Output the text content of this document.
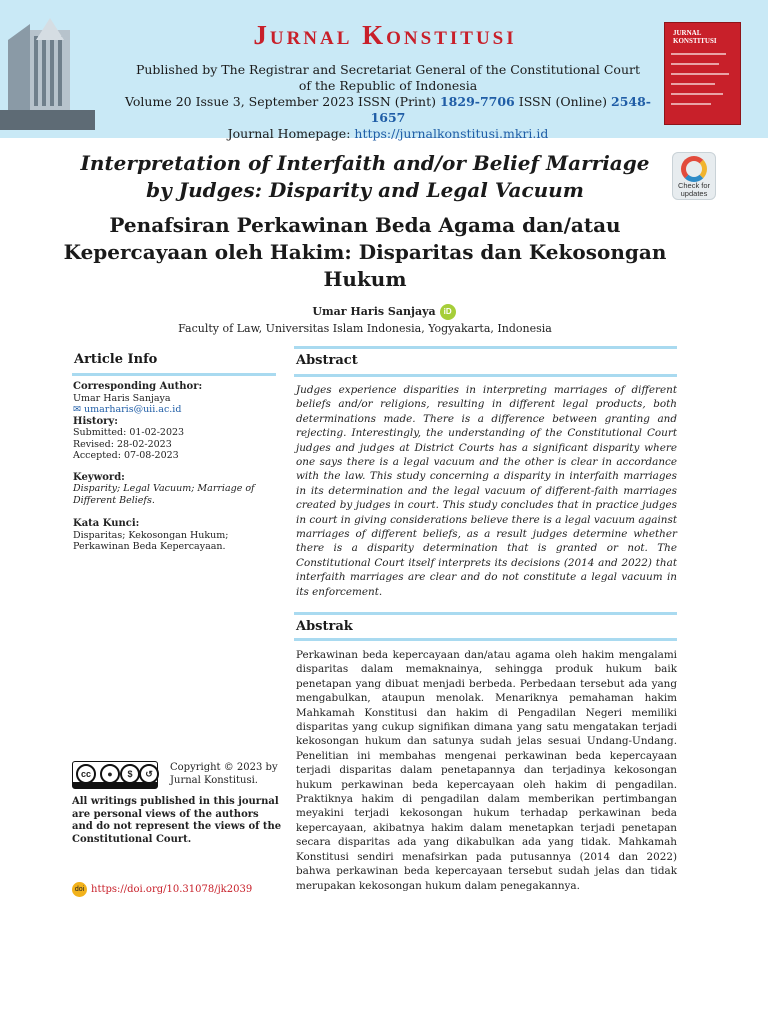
Jurnal Konstitusi
Published by The Registrar and Secretariat General of the Constitutional Court
of the Republic of Indonesia
Volume 20 Issue 3, September 2023 ISSN (Print) 1829-7706 ISSN (Online) 2548-1657
Journal Homepage: https://jurnalkonstitusi.mkri.id
JURNAL
KONSTITUSI
Interpretation of Interfaith and/or Belief Marriage by Judges: Disparity and Legal Vacuum	Check for
updates
Penafsiran Perkawinan Beda Agama dan/atau Kepercayaan oleh Hakim: Disparitas dan Kekosongan Hukum
Umar Haris Sanjaya iD
Faculty of Law, Universitas Islam Indonesia, Yogyakarta, Indonesia
Article Info
Corresponding Author:
Umar Haris Sanjaya
✉ umarharis@uii.ac.id
History:
Submitted: 01-02-2023
Revised: 28-02-2023
Accepted: 07-08-2023
Keyword:
Disparity; Legal Vacuum; Marriage of Different Beliefs.
Kata Kunci:
Disparitas; Kekosongan Hukum; Perkawinan Beda Kepercayaan.
cc	●	$	↺
Copyright © 2023 by Jurnal Konstitusi.
All writings published in this journal are personal views of the authors and do not represent the views of the Constitutional Court.
doi https://doi.org/10.31078/jk2039
Abstract
Judges experience disparities in interpreting marriages of different beliefs and/or religions, resulting in different legal products, both determinations made. There is a difference between granting and rejecting. Interestingly, the understanding of the Constitutional Court judges and judges at District Courts has a significant disparity where one says there is a legal vacuum and the other is clear in accordance with the law. This study concerning a disparity in interfaith marriages in its determination and the legal vacuum of different-faith marriages created by judges in court. This study concludes that in practice judges in court in giving considerations believe there is a legal vacuum against marriages of different beliefs, as a result judges determine whether there is a disparity determination that is granted or not. The Constitutional Court itself interprets its decisions (2014 and 2022) that interfaith marriages are clear and do not constitute a legal vacuum in its enforcement.
Abstrak
Perkawinan beda kepercayaan dan/atau agama oleh hakim mengalami disparitas dalam memaknainya, sehingga produk hukum baik penetapan yang dibuat menjadi berbeda. Perbedaan tersebut ada yang mengabulkan, ataupun menolak. Menariknya pemahaman hakim Mahkamah Konstitusi dan hakim di Pengadilan Negeri memiliki disparitas yang cukup signifikan dimana yang satu mengatakan terjadi kekosongan hukum dan satunya sudah jelas sesuai Undang-Undang. Penelitian ini membahas mengenai perkawinan beda kepercayaan terjadi disparitas dalam penetapannya dan terjadinya kekosongan hukum perkawinan beda kepercayaan oleh hakim di pengadilan. Praktiknya hakim di pengadilan dalam memberikan pertimbangan meyakini terjadi kekosongan hukum terhadap perkawinan beda kepercayaan, akibatnya hakim dalam menetapkan terjadi penetapan secara disparitas ada yang dikabulkan ada yang tidak. Mahkamah Konstitusi sendiri menafsirkan pada putusannya (2014 dan 2022) bahwa perkawinan beda kepercayaan tersebut sudah jelas dan tidak merupakan kekosongan hukum dalam penegakannya.
